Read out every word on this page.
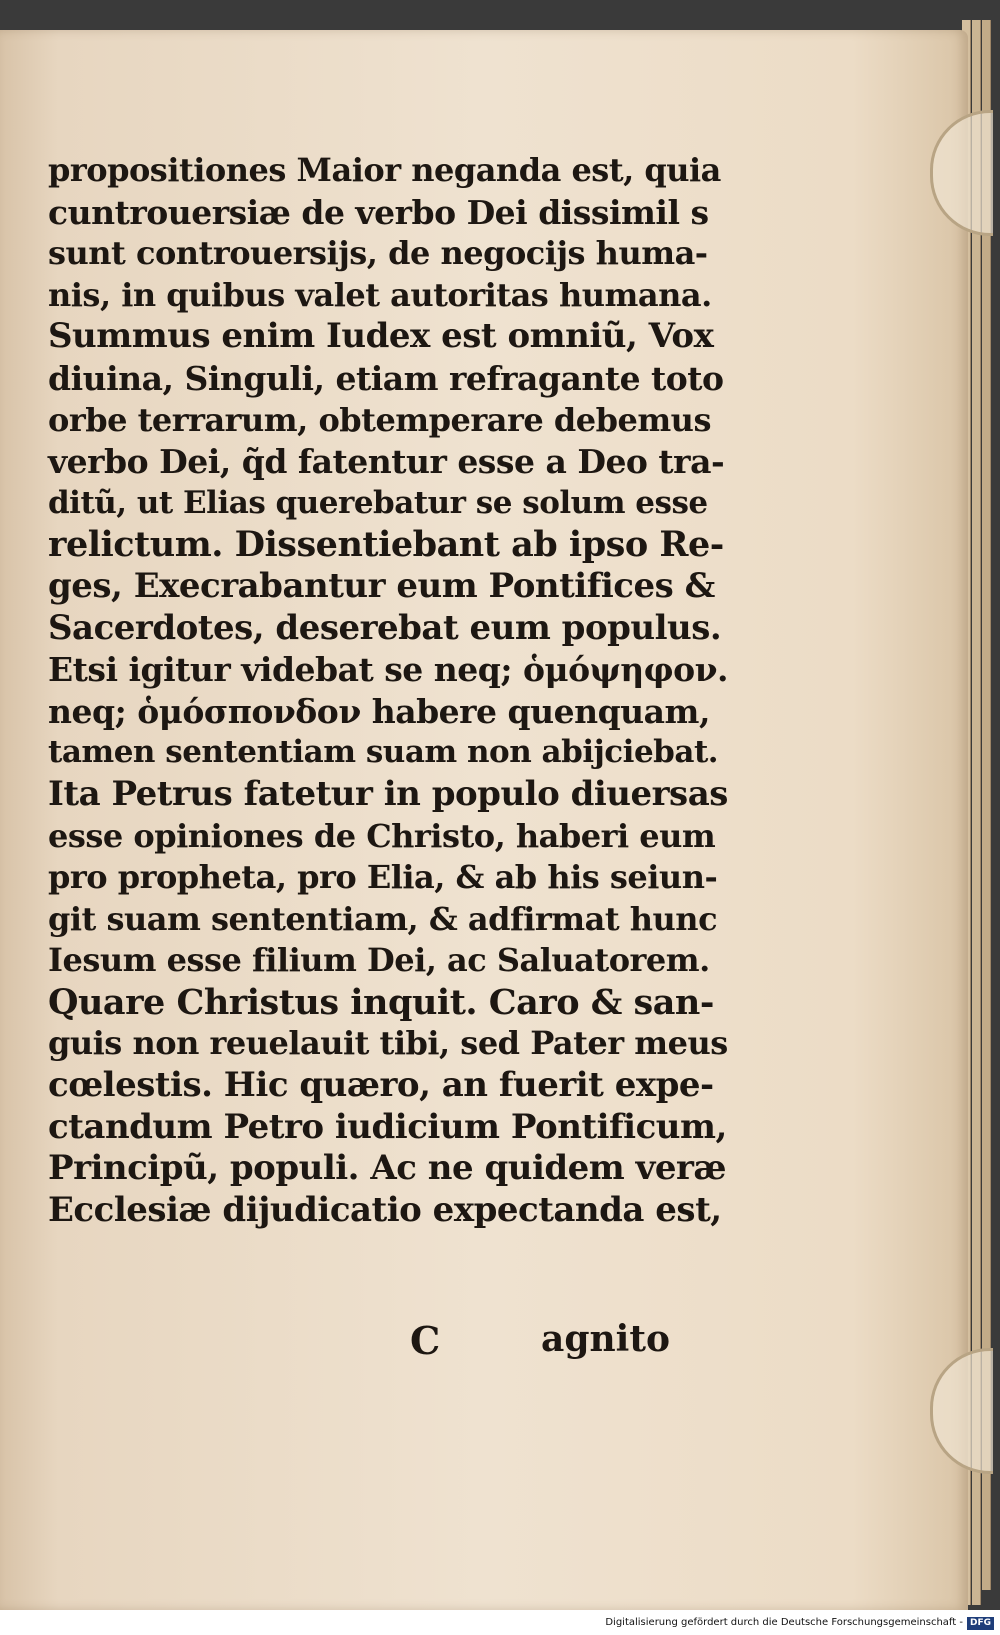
propositiones Maior neganda est, quia
cuntrouersiæ de verbo Dei dissimil s
sunt controuersijs, de negocijs huma-
nis, in quibus valet autoritas humana.
Summus enim Iudex est omniũ, Vox
diuina, Singuli, etiam refragante toto
orbe terrarum, obtemperare debemus
verbo Dei, q̃d fatentur esse a Deo tra-
ditũ, ut Elias querebatur se solum esse
relictum. Dissentiebant ab ipso Re-
ges, Execrabantur eum Pontifices &
Sacerdotes, deserebat eum populus.
Etsi igitur videbat se neq; ὁμόψηφον.
neq; ὁμόσπονδον habere quenquam,
tamen sententiam suam non abijciebat.
Ita Petrus fatetur in populo diuersas
esse opiniones de Christo, haberi eum
pro propheta, pro Elia, & ab his seiun-
git suam sententiam, & adfirmat hunc
Iesum esse filium Dei, ac Saluatorem.
Quare Christus inquit. Caro & san-
guis non reuelauit tibi, sed Pater meus
cœlestis. Hic quæro, an fuerit expe-
ctandum Petro iudicium Pontificum,
Principũ, populi. Ac ne quidem veræ
Ecclesiæ dijudicatio expectanda est,
C	agnito
Digitalisierung gefördert durch die Deutsche Forschungsgemeinschaft - DFG
